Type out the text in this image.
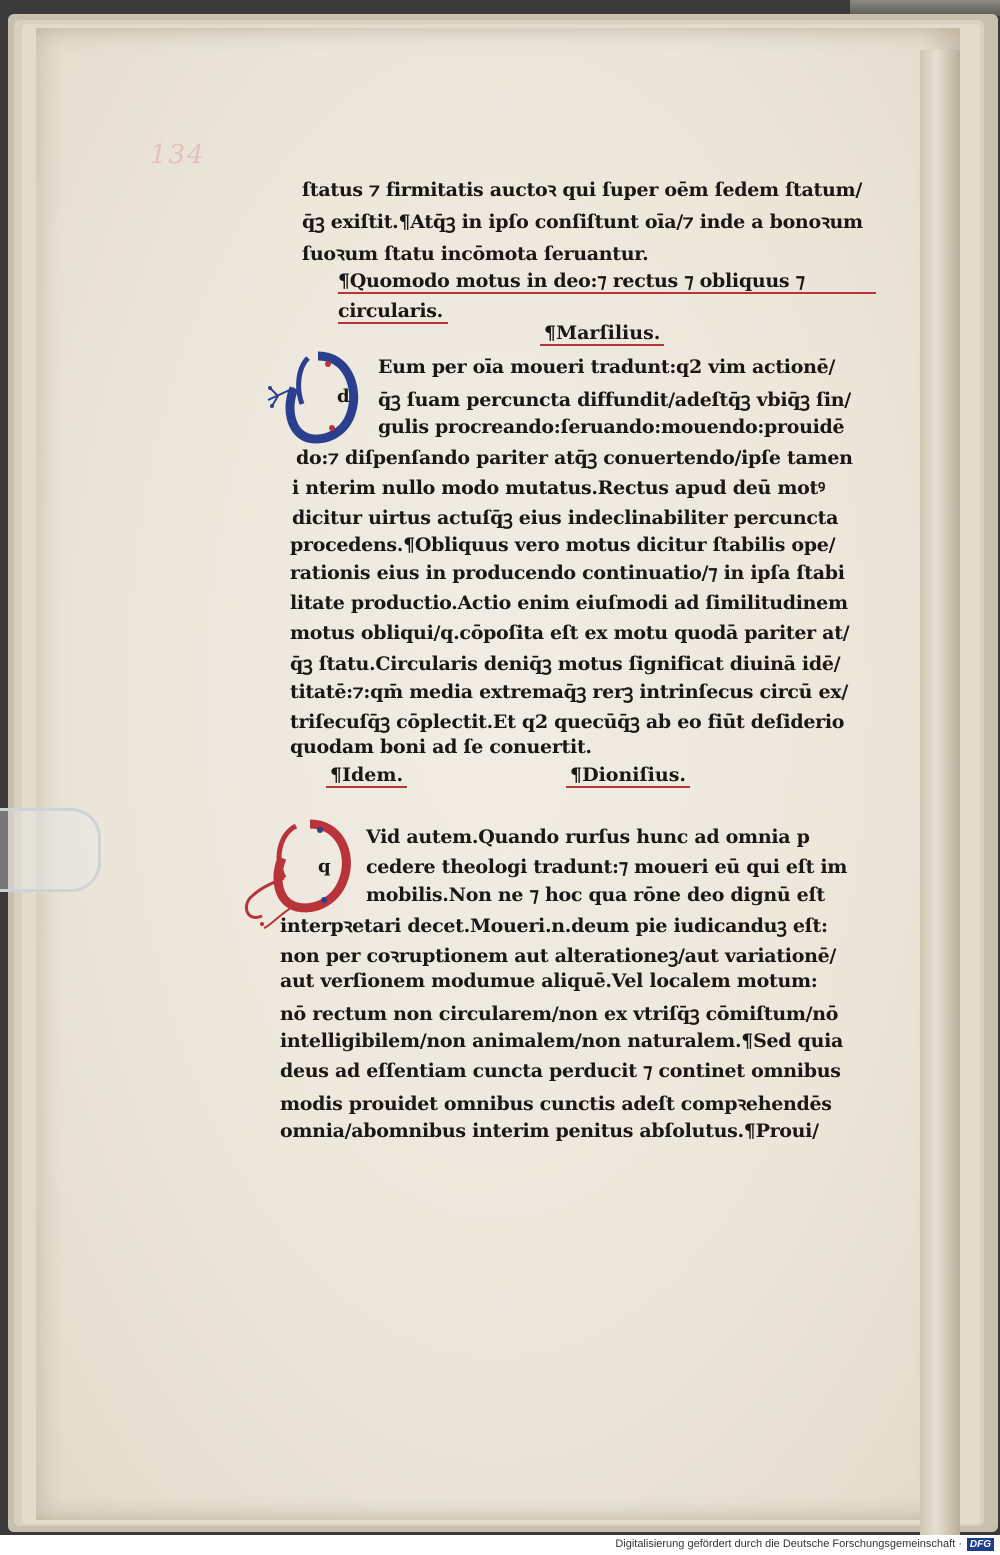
134
ſtatus ⁊ firmitatis auctoꝛ qui ſuper oēm ſedem ſtatum/
q̄ꝫ exiſtit.¶Atq̄ꝫ in ipſo conſiſtunt oīa/⁊ inde a bonoꝛum
ſuoꝛum ſtatu incōmota ſeruantur.
¶Quomodo motus in deo:⁊ rectus ⁊ obliquus ⁊
circularis.
¶Marſilius.
d
Eum per oīa moueri tradunt:q2 vim actionē/
q̄ꝫ ſuam percuncta diffundit/adeſtq̄ꝫ vbiq̄ꝫ ſin/
gulis procreando:ſeruando:mouendo:prouidē
do:⁊ diſpenſando pariter atq̄ꝫ conuertendo/ipſe tamen
i nterim nullo modo mutatus.Rectus apud deū motꝰ
dicitur uirtus actuſq̄ꝫ eius indeclinabiliter percuncta
procedens.¶Obliquus vero motus dicitur ſtabilis ope/
rationis eius in producendo continuatio/⁊ in ipſa ſtabi
litate productio.Actio enim eiuſmodi ad ſimilitudinem
motus obliqui/q.cōpoſita eſt ex motu quodā pariter at/
q̄ꝫ ſtatu.Circularis deniq̄ꝫ motus ſignificat diuinā idē/
titatē:⁊:qm̄ media extremaq̄ꝫ rerꝫ intrinſecus circū ex/
triſecuſq̄ꝫ cōplectit.Et q2 quecūq̄ꝫ ab eo fiūt deſiderio
quodam boni ad ſe conuertit.
¶Idem.	¶Dioniſius.
q
Vid autem.Quando rurſus hunc ad omnia p
cedere theologi tradunt:⁊ moueri eū qui eſt im
mobilis.Non ne ⁊ hoc qua rōne deo dignū eſt
interpꝛetari decet.Moueri.n.deum pie iudicanduꝫ eſt:
non per coꝛruptionem aut alterationeꝫ/aut variationē/
aut verſionem modumue aliquē.Vel localem motum:
nō rectum non circularem/non ex vtriſq̄ꝫ cōmiſtum/nō
intelligibilem/non animalem/non naturalem.¶Sed quia
deus ad eſſentiam cuncta perducit ⁊ continet omnibus
modis prouidet omnibus cunctis adeſt compꝛehendēs
omnia/abomnibus interim penitus abſolutus.¶Proui/
Digitalisierung gefördert durch die Deutsche Forschungsgemeinschaft · DFG
